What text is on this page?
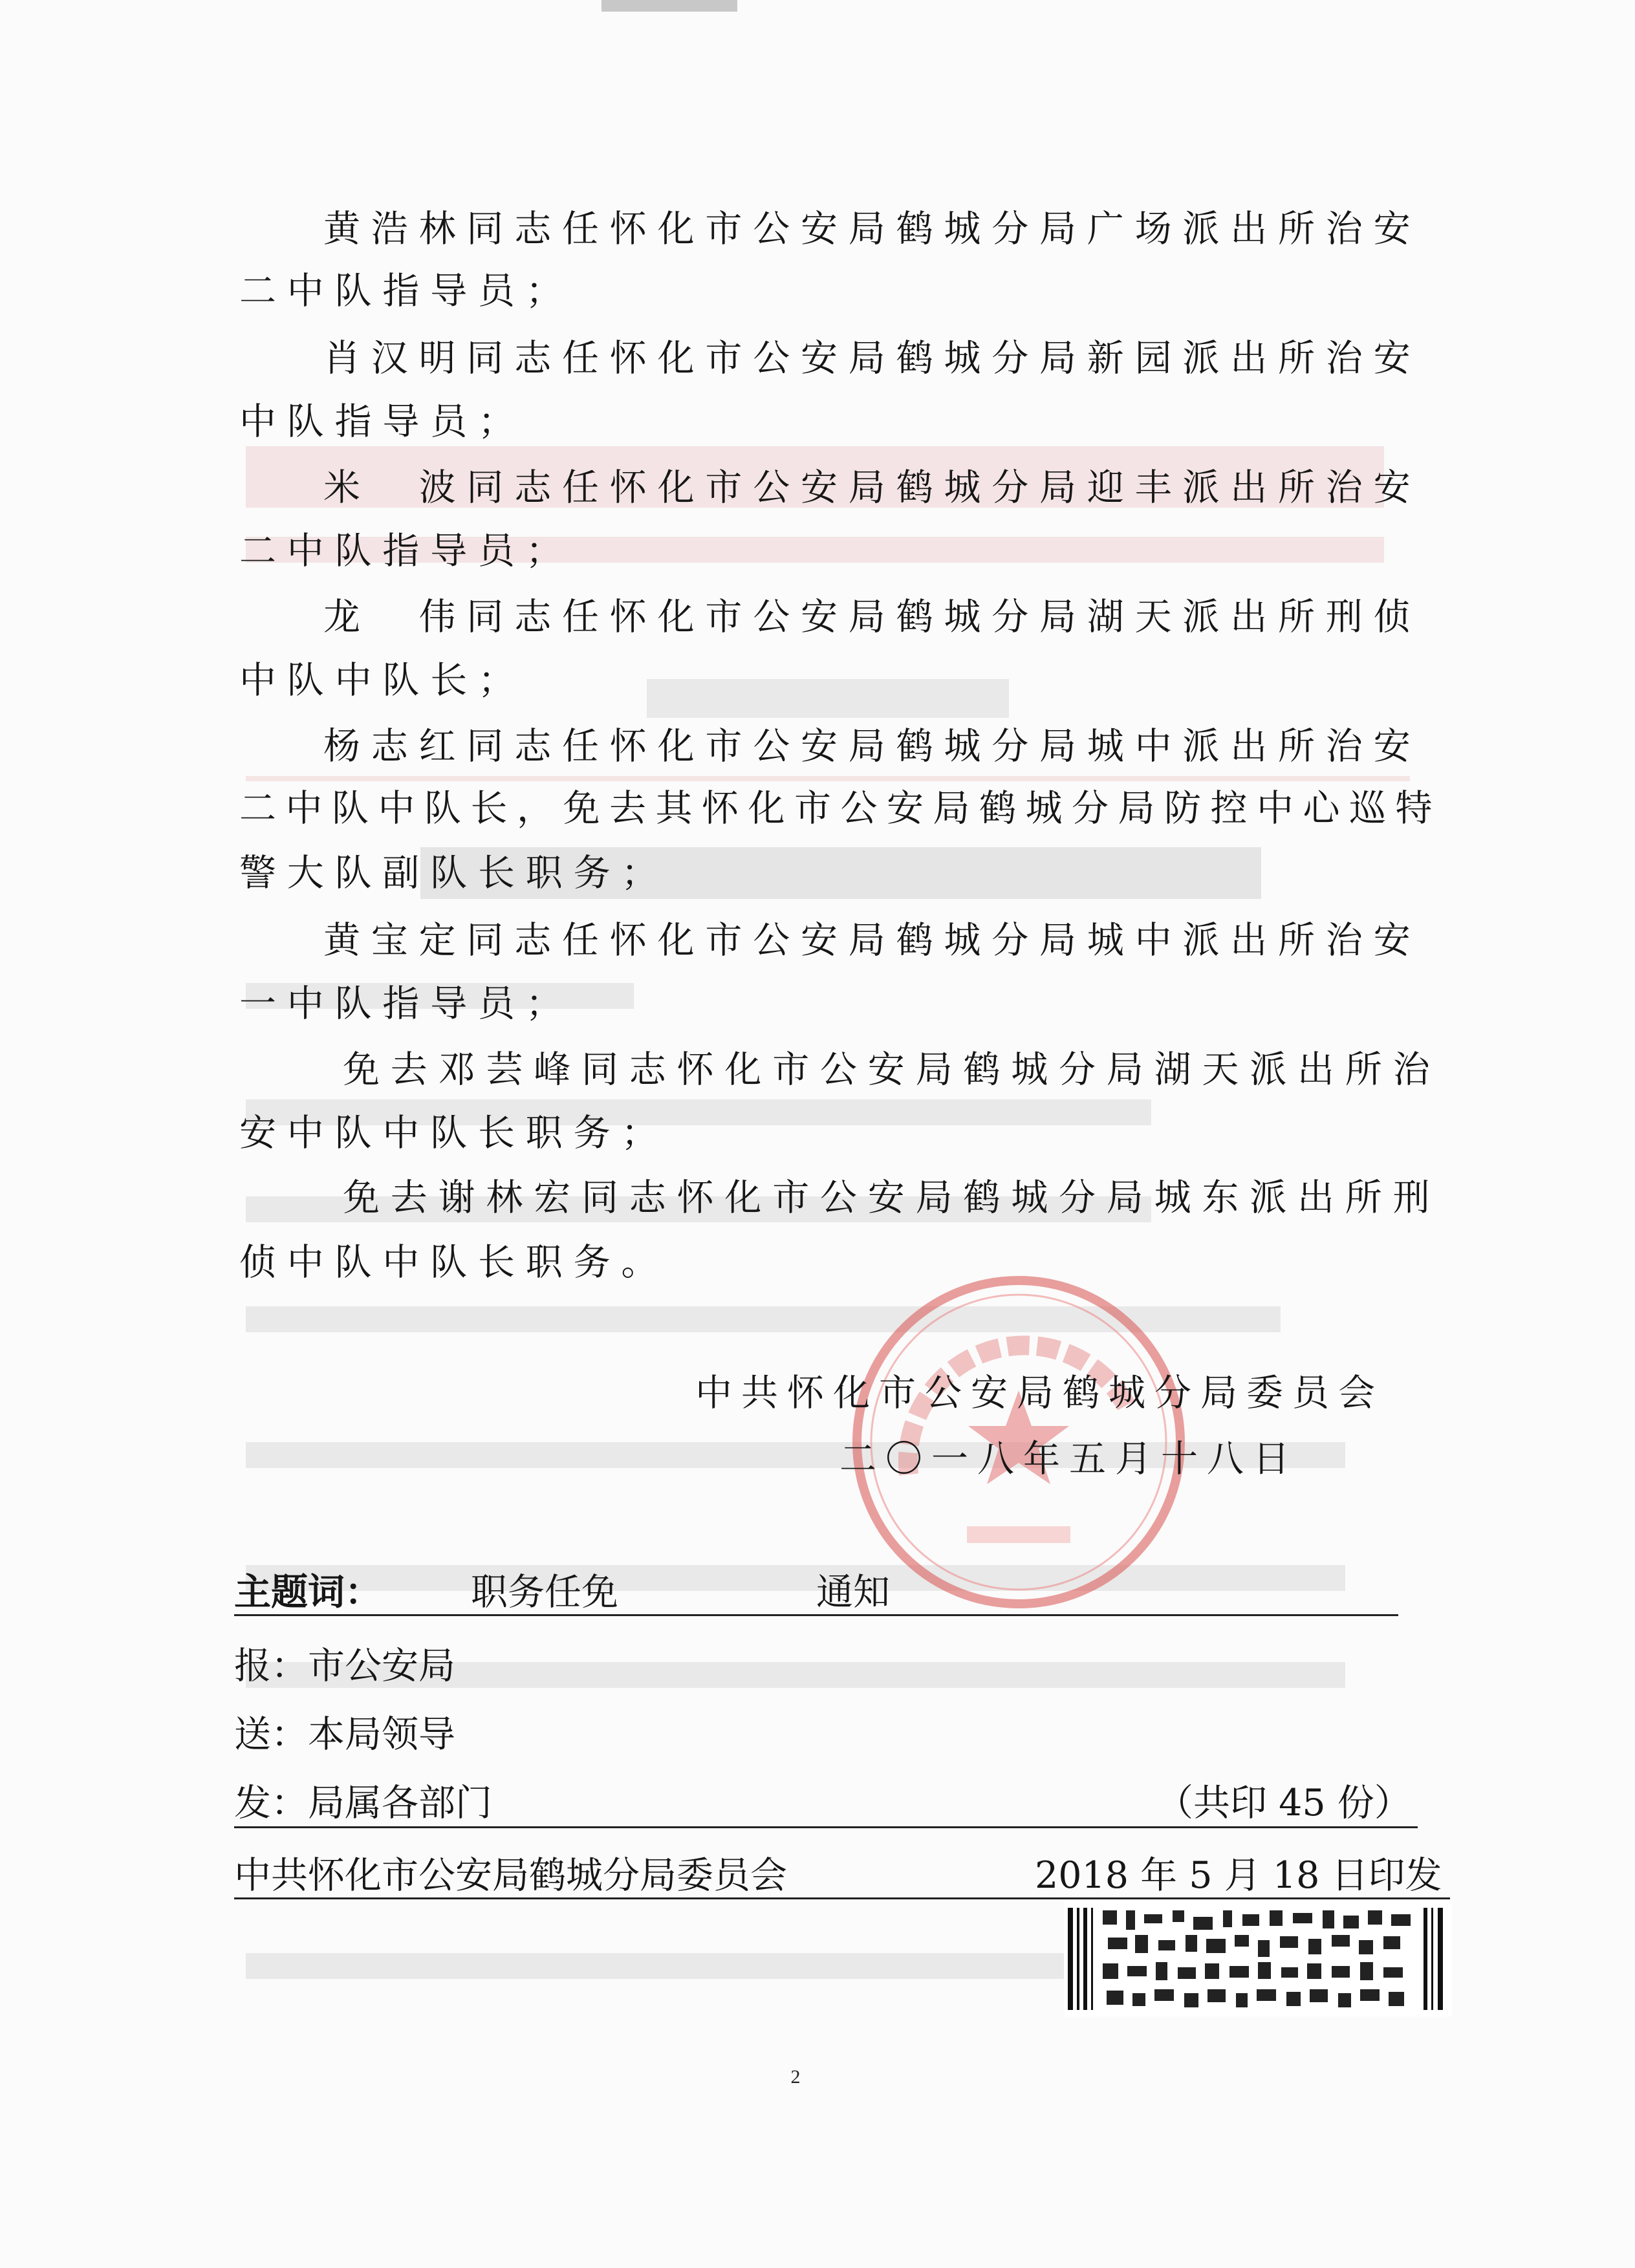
黄浩林同志任怀化市公安局鹤城分局广场派出所治安
二中队指导员；
肖汉明同志任怀化市公安局鹤城分局新园派出所治安
中队指导员；
米　波同志任怀化市公安局鹤城分局迎丰派出所治安
二中队指导员；
龙　伟同志任怀化市公安局鹤城分局湖天派出所刑侦
中队中队长；
杨志红同志任怀化市公安局鹤城分局城中派出所治安
二中队中队长，免去其怀化市公安局鹤城分局防控中心巡特
警大队副队长职务；
黄宝定同志任怀化市公安局鹤城分局城中派出所治安
一中队指导员；
免去邓芸峰同志怀化市公安局鹤城分局湖天派出所治
安中队中队长职务；
免去谢林宏同志怀化市公安局鹤城分局城东派出所刑
侦中队中队长职务。
中共怀化市公安局鹤城分局委员会
二〇一八年五月十八日
主题词： 职务任免	通知
报：市公安局
送：本局领导
发：局属各部门	（共印 45 份）
中共怀化市公安局鹤城分局委员会	2018 年 5 月 18 日印发
2
